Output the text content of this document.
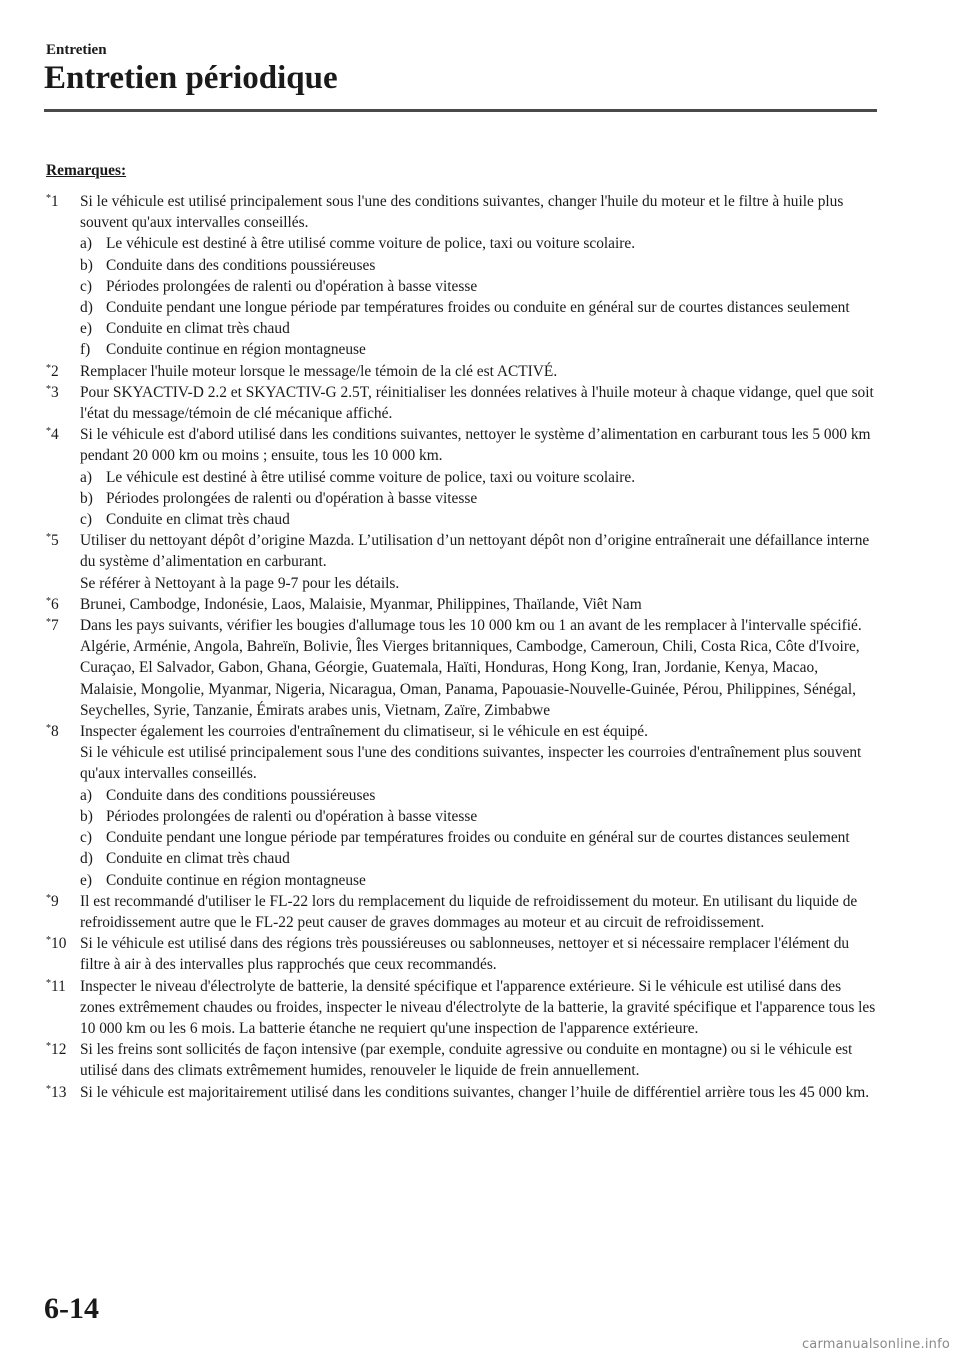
Entretien
Entretien périodique
Remarques:
*1 Si le véhicule est utilisé principalement sous l'une des conditions suivantes, changer l'huile du moteur et le filtre à huile plus souvent qu'aux intervalles conseillés.
a) Le véhicule est destiné à être utilisé comme voiture de police, taxi ou voiture scolaire.
b) Conduite dans des conditions poussiéreuses
c) Périodes prolongées de ralenti ou d'opération à basse vitesse
d) Conduite pendant une longue période par températures froides ou conduite en général sur de courtes distances seulement
e) Conduite en climat très chaud
f) Conduite continue en région montagneuse
*2 Remplacer l'huile moteur lorsque le message/le témoin de la clé est ACTIVÉ.
*3 Pour SKYACTIV-D 2.2 et SKYACTIV-G 2.5T, réinitialiser les données relatives à l'huile moteur à chaque vidange, quel que soit l'état du message/témoin de clé mécanique affiché.
*4 Si le véhicule est d'abord utilisé dans les conditions suivantes, nettoyer le système d’alimentation en carburant tous les 5 000 km pendant 20 000 km ou moins ; ensuite, tous les 10 000 km.
a) Le véhicule est destiné à être utilisé comme voiture de police, taxi ou voiture scolaire.
b) Périodes prolongées de ralenti ou d'opération à basse vitesse
c) Conduite en climat très chaud
*5 Utiliser du nettoyant dépôt d’origine Mazda. L’utilisation d’un nettoyant dépôt non d’origine entraînerait une défaillance interne du système d’alimentation en carburant.
Se référer à Nettoyant à la page 9-7 pour les détails.
*6 Brunei, Cambodge, Indonésie, Laos, Malaisie, Myanmar, Philippines, Thaïlande, Viêt Nam
*7 Dans les pays suivants, vérifier les bougies d'allumage tous les 10 000 km ou 1 an avant de les remplacer à l'intervalle spécifié.
Algérie, Arménie, Angola, Bahreïn, Bolivie, Îles Vierges britanniques, Cambodge, Cameroun, Chili, Costa Rica, Côte d'Ivoire, Curaçao, El Salvador, Gabon, Ghana, Géorgie, Guatemala, Haïti, Honduras, Hong Kong, Iran, Jordanie, Kenya, Macao, Malaisie, Mongolie, Myanmar, Nigeria, Nicaragua, Oman, Panama, Papouasie-Nouvelle-Guinée, Pérou, Philippines, Sénégal, Seychelles, Syrie, Tanzanie, Émirats arabes unis, Vietnam, Zaïre, Zimbabwe
*8 Inspecter également les courroies d'entraînement du climatiseur, si le véhicule en est équipé.
Si le véhicule est utilisé principalement sous l'une des conditions suivantes, inspecter les courroies d'entraînement plus souvent qu'aux intervalles conseillés.
a) Conduite dans des conditions poussiéreuses
b) Périodes prolongées de ralenti ou d'opération à basse vitesse
c) Conduite pendant une longue période par températures froides ou conduite en général sur de courtes distances seulement
d) Conduite en climat très chaud
e) Conduite continue en région montagneuse
*9 Il est recommandé d'utiliser le FL-22 lors du remplacement du liquide de refroidissement du moteur. En utilisant du liquide de refroidissement autre que le FL-22 peut causer de graves dommages au moteur et au circuit de refroidissement.
*10 Si le véhicule est utilisé dans des régions très poussiéreuses ou sablonneuses, nettoyer et si nécessaire remplacer l'élément du filtre à air à des intervalles plus rapprochés que ceux recommandés.
*11 Inspecter le niveau d'électrolyte de batterie, la densité spécifique et l'apparence extérieure. Si le véhicule est utilisé dans des zones extrêmement chaudes ou froides, inspecter le niveau d'électrolyte de la batterie, la gravité spécifique et l'apparence tous les 10 000 km ou les 6 mois. La batterie étanche ne requiert qu'une inspection de l'apparence extérieure.
*12 Si les freins sont sollicités de façon intensive (par exemple, conduite agressive ou conduite en montagne) ou si le véhicule est utilisé dans des climats extrêmement humides, renouveler le liquide de frein annuellement.
*13 Si le véhicule est majoritairement utilisé dans les conditions suivantes, changer l’huile de différentiel arrière tous les 45 000 km.
6-14
carmanualsonline.info
